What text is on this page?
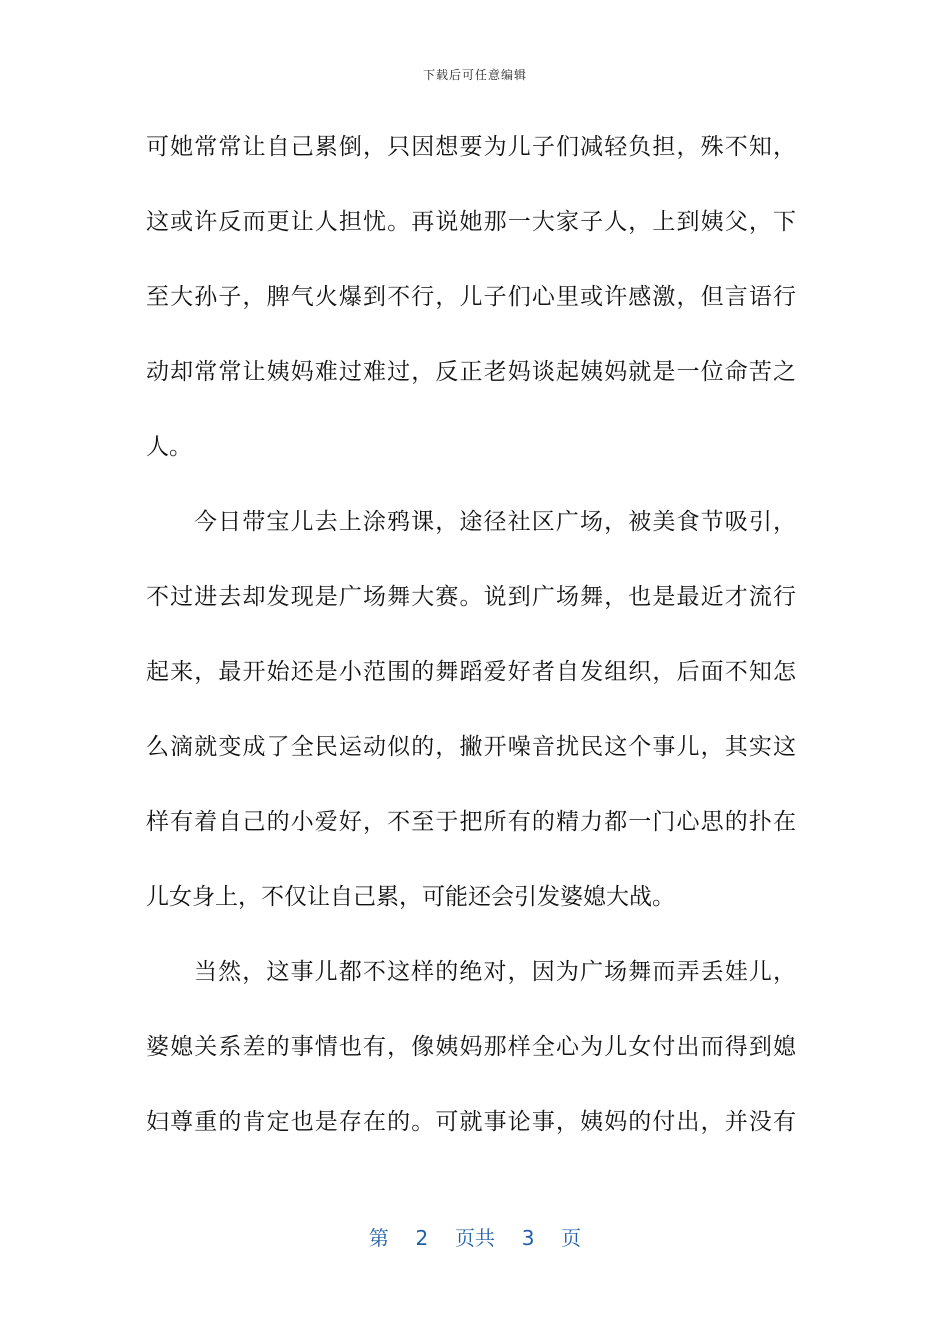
下载后可任意编辑
可她常常让自己累倒，只因想要为儿子们减轻负担，殊不知，
这或许反而更让人担忧。再说她那一大家子人，上到姨父，下
至大孙子，脾气火爆到不行，儿子们心里或许感激，但言语行
动却常常让姨妈难过难过，反正老妈谈起姨妈就是一位命苦之
人。
今日带宝儿去上涂鸦课，途径社区广场，被美食节吸引，
不过进去却发现是广场舞大赛。说到广场舞，也是最近才流行
起来，最开始还是小范围的舞蹈爱好者自发组织，后面不知怎
么滴就变成了全民运动似的，撇开噪音扰民这个事儿，其实这
样有着自己的小爱好，不至于把所有的精力都一门心思的扑在
儿女身上，不仅让自己累，可能还会引发婆媳大战。
当然，这事儿都不这样的绝对，因为广场舞而弄丢娃儿，
婆媳关系差的事情也有，像姨妈那样全心为儿女付出而得到媳
妇尊重的肯定也是存在的。可就事论事，姨妈的付出，并没有
第 2 页共 3 页
